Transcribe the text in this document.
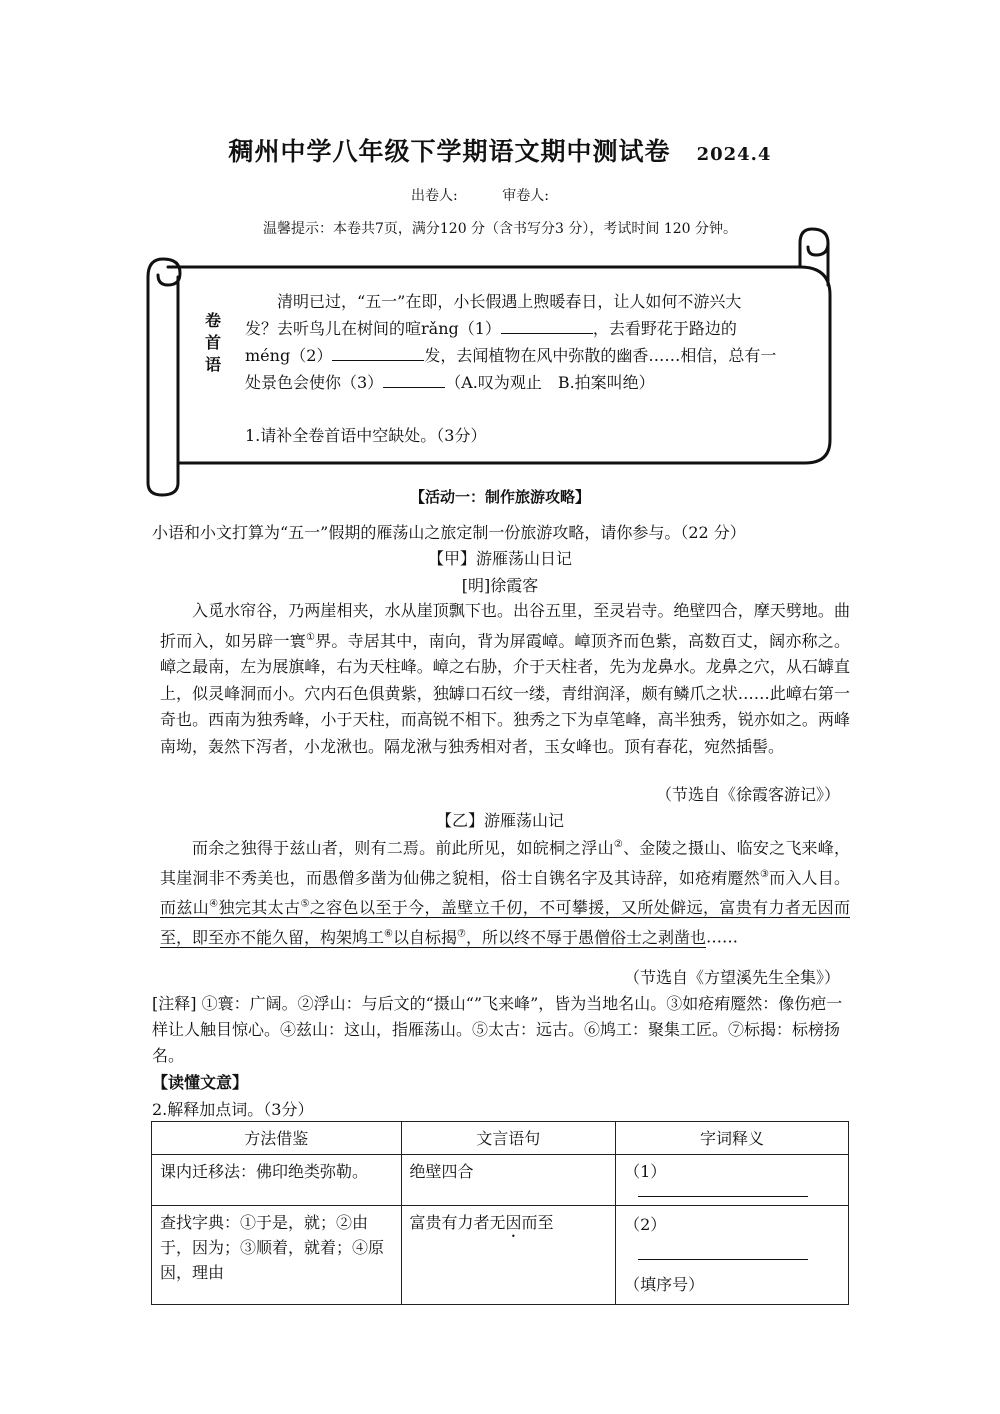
稠州中学八年级下学期语文期中测试卷 2024.4
出卷人:	审卷人:
温馨提示：本卷共7页，满分120 分（含书写分3 分），考试时间 120 分钟。
卷首语

清明已过，“五一”在即，小长假遇上煦暖春日，让人如何不游兴大

发？去听鸟儿在树间的喧rǎng（1）	，去看野花于路边的

méng（2）	发，去闻植物在风中弥散的幽香……相信，总有一

处景色会使你（3）	（A.叹为观止　B.拍案叫绝）

1.请补全卷首语中空缺处。（3分）
【活动一：制作旅游攻略】
小语和小文打算为“五一”假期的雁荡山之旅定制一份旅游攻略，请你参与。（22 分）
【甲】游雁荡山日记
[明]徐霞客

入觅水帘谷，乃两崖相夹，水从崖顶飘下也。出谷五里，至灵岩寺。绝壁四合，摩天劈地。曲折而入，如另辟一寰①界。寺居其中，南向，背为屏霞嶂。嶂顶齐而色紫，高数百丈，阔亦称之。嶂之最南，左为展旗峰，右为天柱峰。嶂之右胁，介于天柱者，先为龙鼻水。龙鼻之穴，从石罅直上，似灵峰洞而小。穴内石色俱黄紫，独罅口石纹一缕，青绀润泽，颇有鳞爪之状……此嶂右第一奇也。西南为独秀峰，小于天柱，而高锐不相下。独秀之下为卓笔峰，高半独秀，锐亦如之。两峰南坳，轰然下泻者，小龙湫也。隔龙湫与独秀相对者，玉女峰也。顶有春花，宛然插髻。

（节选自《徐霞客游记》）
【乙】游雁荡山记

而余之独得于兹山者，则有二焉。前此所见，如皖桐之浮山②、金陵之摄山、临安之飞来峰，其崖洞非不秀美也，而愚僧多凿为仙佛之貌相，俗士自镌名字及其诗辞，如疮痏蹷然③而入人目。而兹山④独完其太古⑤之容色以至于今，盖壁立千仞，不可攀援，又所处僻远，富贵有力者无因而至，即至亦不能久留，构架鸠工⑥以自标揭⑦，所以终不辱于愚僧俗士之剥凿也……

（节选自《方望溪先生全集》）

[注释] ①寰：广阔。②浮山：与后文的“摄山“”飞来峰”，皆为当地名山。③如疮痏蹷然：像伤疤一样让人触目惊心。④兹山：这山，指雁荡山。⑤太古：远古。⑥鸠工：聚集工匠。⑦标揭：标榜扬名。

【读懂文意】
2.解释加点词。（3分）
方法借鉴	文言语句	字词释义
课内迁移法：佛印绝类弥勒。	绝壁四合	（1）
查找字典：①于是，就；②由于，因为；③顺着，就着；④原因，理由	富贵有力者无因而至	（2）
（填序号）
